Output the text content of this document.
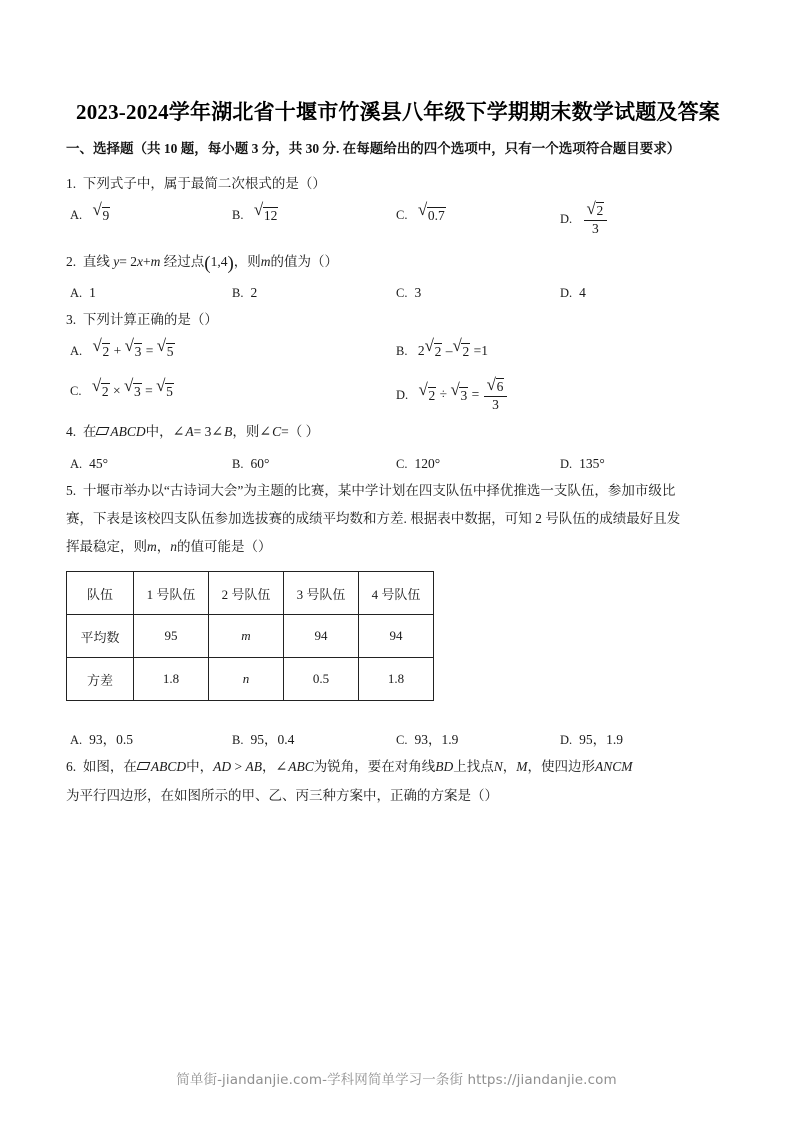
2023-2024学年湖北省十堰市竹溪县八年级下学期期末数学试题及答案
一、选择题（共 10 题，每小题 3 分，共 30 分. 在每题给出的四个选项中，只有一个选项符合题目要求）
1. 下列式子中，属于最简二次根式的是（）
A. √ 9	B. √ 12	C. √ 0.7	D. $\frac{√ 2}{3}$
2. 直线 y= 2x+m 经过点(1,4)，则m的值为（）
A. 1	B. 2	C. 3	D. 4
3. 下列计算正确的是（）
A. √ 2 + √ 3 = √ 5	B. 2 √ 2 – √ 2 =1
C. √ 2 × √ 3 = √ 5	D. √ 2 ÷ √ $3 = \frac{√ 6}{3}$
4. 在 ABCD中，∠A= 3∠B，则∠C=（ ）
A. 45°	B. 60°	C. 120°	D. 135°
5. 十堰市举办以“古诗词大会”为主题的比赛，某中学计划在四支队伍中择优推选一支队伍，参加市级比
赛，下表是该校四支队伍参加选拔赛的成绩平均数和方差. 根据表中数据，可知 2 号队伍的成绩最好且发
挥最稳定，则m，n的值可能是（）
队伍	1 号队伍	2 号队伍	3 号队伍	4 号队伍
平均数	95	m	94	94
方差	1.8	n	0.5	1.8
A. 93，0.5	B. 95，0.4	C. 93，1.9	D. 95，1.9
6. 如图，在 ABCD中，AD > AB，∠ABC为锐角，要在对角线BD上找点N，M，使四边形ANCM
为平行四边形，在如图所示的甲、乙、丙三种方案中，正确的方案是（）
简单街-jiandanjie.com-学科网简单学习一条街 https://jiandanjie.com
